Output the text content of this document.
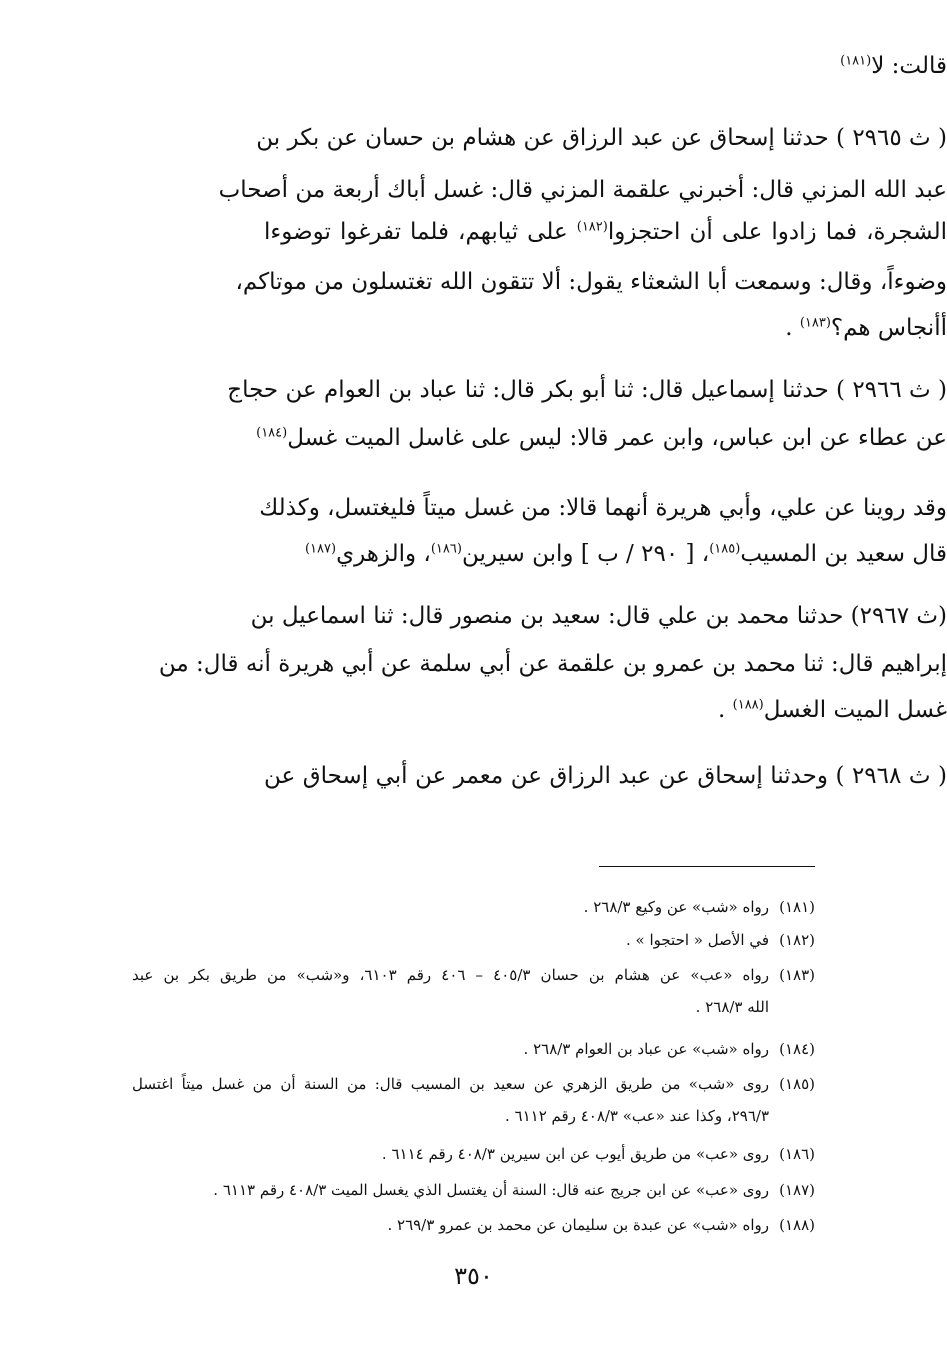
قالت: لا$^{(١٨١)}$
( ث ٢٩٦٥ ) حدثنا إسحاق عن عبد الرزاق عن هشام بن حسان عن بكر بن
عبد الله المزني قال: أخبرني علقمة المزني قال: غسل أباك أربعة من أصحاب
الشجرة، فما زادوا على أن احتجزوا$^{(١٨٢)}$ على ثيابهم، فلما تفرغوا توضوءا
وضوءاً، وقال: وسمعت أبا الشعثاء يقول: ألا تتقون الله تغتسلون من موتاكم،
أأنجاس هم؟$^{(١٨٣)}$ .
( ث ٢٩٦٦ ) حدثنا إسماعيل قال: ثنا أبو بكر قال: ثنا عباد بن العوام عن حجاج
عن عطاء عن ابن عباس، وابن عمر قالا: ليس على غاسل الميت غسل$^{(١٨٤)}$
وقد روينا عن علي، وأبي هريرة أنهما قالا: من غسل ميتاً فليغتسل، وكذلك
قال سعيد بن المسيب$^{(١٨٥)}$، [ ٢٩٠ / ب ] وابن سيرين$^{(١٨٦)}$، والزهري$^{(١٨٧)}$
(ث ٢٩٦٧) حدثنا محمد بن علي قال: سعيد بن منصور قال: ثنا اسماعيل بن
إبراهيم قال: ثنا محمد بن عمرو بن علقمة عن أبي سلمة عن أبي هريرة أنه قال: من
غسل الميت الغسل$^{(١٨٨)}$ .
( ث ٢٩٦٨ ) وحدثنا إسحاق عن عبد الرزاق عن معمر عن أبي إسحاق عن
(١٨١)رواه «شب» عن وكيع ٢٦٨/٣ .
(١٨٢)في الأصل « احتجوا » .
(١٨٣)رواه «عب» عن هشام بن حسان ٤٠٥/٣ – ٤٠٦ رقم ٦١٠٣، و«شب» من طريق بكر بن عبد
الله ٢٦٨/٣ .
(١٨٤)رواه «شب» عن عباد بن العوام ٢٦٨/٣ .
(١٨٥)روى «شب» من طريق الزهري عن سعيد بن المسيب قال: من السنة أن من غسل ميتاً اغتسل
٢٩٦/٣، وكذا عند «عب» ٤٠٨/٣ رقم ٦١١٢ .
(١٨٦)روى «عب» من طريق أيوب عن ابن سيرين ٤٠٨/٣ رقم ٦١١٤ .
(١٨٧)روى «عب» عن ابن جريج عنه قال: السنة أن يغتسل الذي يغسل الميت ٤٠٨/٣ رقم ٦١١٣ .
(١٨٨)رواه «شب» عن عبدة بن سليمان عن محمد بن عمرو ٢٦٩/٣ .
٣٥٠
